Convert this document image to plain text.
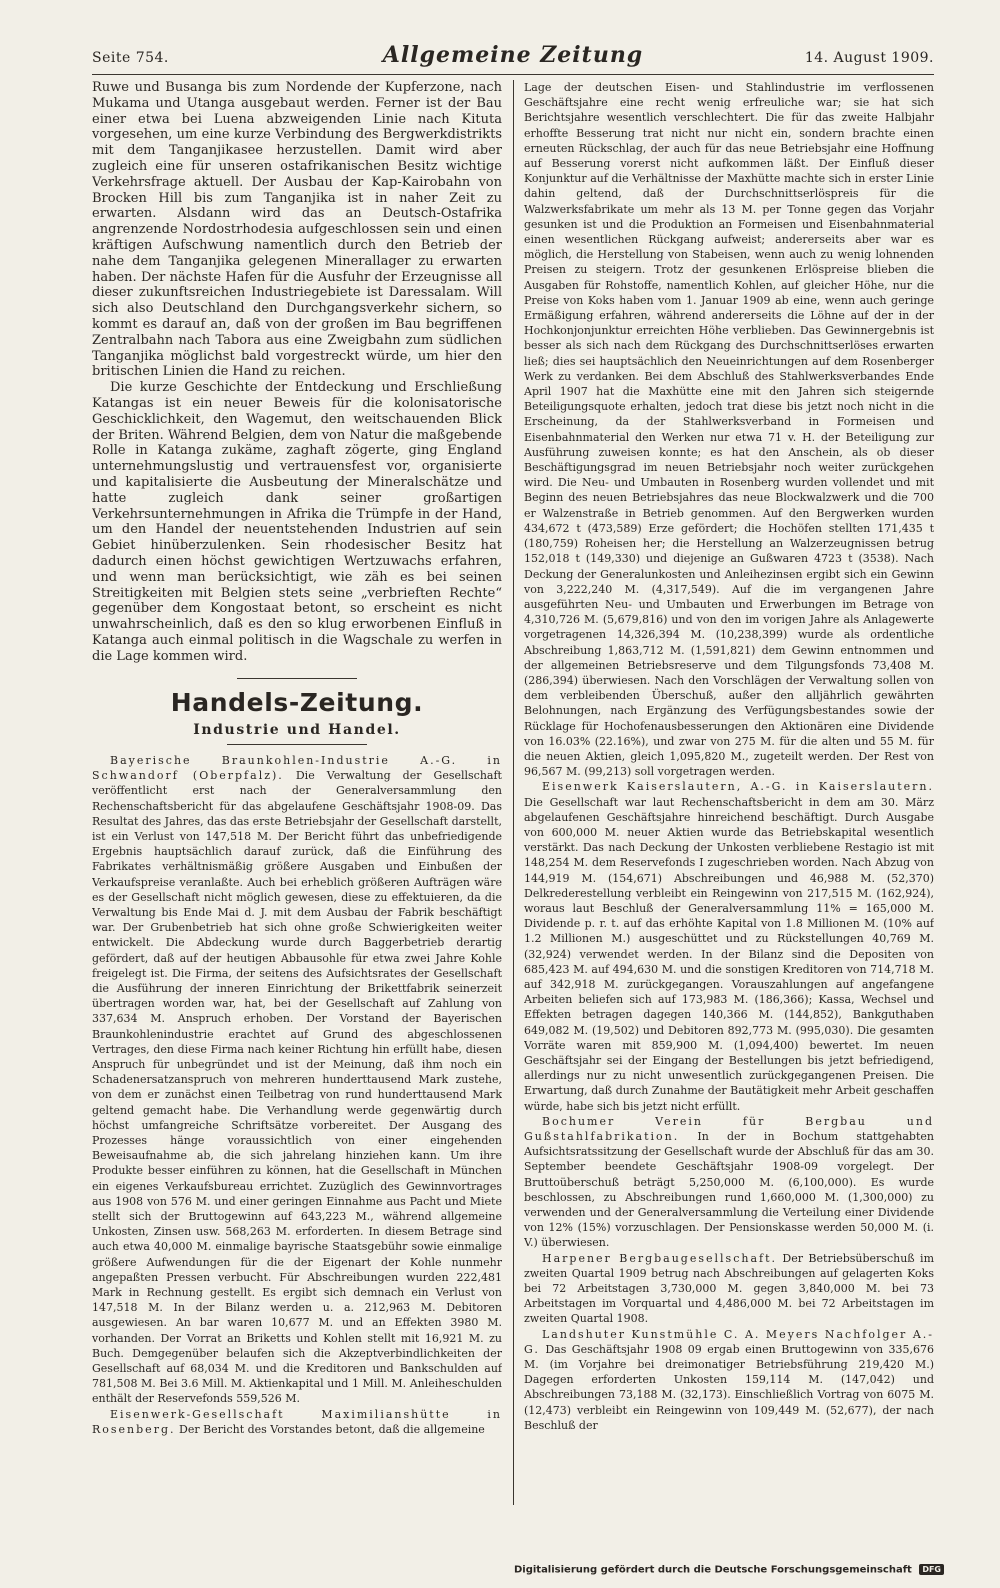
Seite 754.	Allgemeine Zeitung	14. August 1909.

Ruwe und Busanga bis zum Nordende der Kupferzone, nach Mukama und Utanga ausgebaut werden. Ferner ist der Bau einer etwa bei Luena abzweigenden Linie nach Kituta vorgesehen, um eine kurze Verbindung des Bergwerkdistrikts mit dem Tanganjikasee herzustellen. Damit wird aber zugleich eine für unseren ostafrikanischen Besitz wichtige Verkehrsfrage aktuell. Der Ausbau der Kap-Kairobahn von Brocken Hill bis zum Tanganjika ist in naher Zeit zu erwarten. Alsdann wird das an Deutsch-Ostafrika angrenzende Nordostrhodesia aufgeschlossen sein und einen kräftigen Aufschwung namentlich durch den Betrieb der nahe dem Tanganjika gelegenen Minerallager zu erwarten haben. Der nächste Hafen für die Ausfuhr der Erzeugnisse all dieser zukunftsreichen Industriegebiete ist Daressalam. Will sich also Deutschland den Durchgangsverkehr sichern, so kommt es darauf an, daß von der großen im Bau begriffenen Zentralbahn nach Tabora aus eine Zweigbahn zum südlichen Tanganjika möglichst bald vorgestreckt würde, um hier den britischen Linien die Hand zu reichen.

Die kurze Geschichte der Entdeckung und Erschließung Katangas ist ein neuer Beweis für die kolonisatorische Geschicklichkeit, den Wagemut, den weitschauenden Blick der Briten. Während Belgien, dem von Natur die maßgebende Rolle in Katanga zukäme, zaghaft zögerte, ging England unternehmungslustig und vertrauensfest vor, organisierte und kapitalisierte die Ausbeutung der Mineralschätze und hatte zugleich dank seiner großartigen Verkehrsunternehmungen in Afrika die Trümpfe in der Hand, um den Handel der neuentstehenden Industrien auf sein Gebiet hinüberzulenken. Sein rhodesischer Besitz hat dadurch einen höchst gewichtigen Wertzuwachs erfahren, und wenn man berücksichtigt, wie zäh es bei seinen Streitigkeiten mit Belgien stets seine „verbrieften Rechte“ gegenüber dem Kongostaat betont, so erscheint es nicht unwahrscheinlich, daß es den so klug erworbenen Einfluß in Katanga auch einmal politisch in die Wagschale zu werfen in die Lage kommen wird.

Handels-Zeitung.
Industrie und Handel.

Bayerische Braunkohlen-Industrie A.-G. in Schwandorf (Oberpfalz). Die Verwaltung der Gesellschaft veröffentlicht erst nach der Generalversammlung den Rechenschaftsbericht für das abgelaufene Geschäftsjahr 1908-09. Das Resultat des Jahres, das das erste Betriebsjahr der Gesellschaft darstellt, ist ein Verlust von 147,518 M. Der Bericht führt das unbefriedigende Ergebnis hauptsächlich darauf zurück, daß die Einführung des Fabrikates verhältnismäßig größere Ausgaben und Einbußen der Verkaufspreise veranlaßte. Auch bei erheblich größeren Aufträgen wäre es der Gesellschaft nicht möglich gewesen, diese zu effektuieren, da die Verwaltung bis Ende Mai d. J. mit dem Ausbau der Fabrik beschäftigt war. Der Grubenbetrieb hat sich ohne große Schwierigkeiten weiter entwickelt. Die Abdeckung wurde durch Baggerbetrieb derartig gefördert, daß auf der heutigen Abbausohle für etwa zwei Jahre Kohle freigelegt ist. Die Firma, der seitens des Aufsichtsrates der Gesellschaft die Ausführung der inneren Einrichtung der Brikettfabrik seinerzeit übertragen worden war, hat, bei der Gesellschaft auf Zahlung von 337,634 M. Anspruch erhoben. Der Vorstand der Bayerischen Braunkohlenindustrie erachtet auf Grund des abgeschlossenen Vertrages, den diese Firma nach keiner Richtung hin erfüllt habe, diesen Anspruch für unbegründet und ist der Meinung, daß ihm noch ein Schadenersatzanspruch von mehreren hunderttausend Mark zustehe, von dem er zunächst einen Teilbetrag von rund hunderttausend Mark geltend gemacht habe. Die Verhandlung werde gegenwärtig durch höchst umfangreiche Schriftsätze vorbereitet. Der Ausgang des Prozesses hänge voraussichtlich von einer eingehenden Beweisaufnahme ab, die sich jahrelang hinziehen kann. Um ihre Produkte besser einführen zu können, hat die Gesellschaft in München ein eigenes Verkaufsbureau errichtet. Zuzüglich des Gewinnvortrages aus 1908 von 576 M. und einer geringen Einnahme aus Pacht und Miete stellt sich der Bruttogewinn auf 643,223 M., während allgemeine Unkosten, Zinsen usw. 568,263 M. erforderten. In diesem Betrage sind auch etwa 40,000 M. einmalige bayrische Staatsgebühr sowie einmalige größere Aufwendungen für die der Eigenart der Kohle nunmehr angepaßten Pressen verbucht. Für Abschreibungen wurden 222,481 Mark in Rechnung gestellt. Es ergibt sich demnach ein Verlust von 147,518 M. In der Bilanz werden u. a. 212,963 M. Debitoren ausgewiesen. An bar waren 10,677 M. und an Effekten 3980 M. vorhanden. Der Vorrat an Briketts und Kohlen stellt mit 16,921 M. zu Buch. Demgegenüber belaufen sich die Akzeptverbindlichkeiten der Gesellschaft auf 68,034 M. und die Kreditoren und Bankschulden auf 781,508 M. Bei 3.6 Mill. M. Aktienkapital und 1 Mill. M. Anleiheschulden enthält der Reservefonds 559,526 M.

Eisenwerk-Gesellschaft Maximilianshütte in Rosenberg. Der Bericht des Vorstandes betont, daß die allgemeine

Lage der deutschen Eisen- und Stahlindustrie im verflossenen Geschäftsjahre eine recht wenig erfreuliche war; sie hat sich Berichtsjahre wesentlich verschlechtert. Die für das zweite Halbjahr erhoffte Besserung trat nicht nur nicht ein, sondern brachte einen erneuten Rückschlag, der auch für das neue Betriebsjahr eine Hoffnung auf Besserung vorerst nicht aufkommen läßt. Der Einfluß dieser Konjunktur auf die Verhältnisse der Maxhütte machte sich in erster Linie dahin geltend, daß der Durchschnittserlöspreis für die Walzwerksfabrikate um mehr als 13 M. per Tonne gegen das Vorjahr gesunken ist und die Produktion an Formeisen und Eisenbahnmaterial einen wesentlichen Rückgang aufweist; andererseits aber war es möglich, die Herstellung von Stabeisen, wenn auch zu wenig lohnenden Preisen zu steigern. Trotz der gesunkenen Erlöspreise blieben die Ausgaben für Rohstoffe, namentlich Kohlen, auf gleicher Höhe, nur die Preise von Koks haben vom 1. Januar 1909 ab eine, wenn auch geringe Ermäßigung erfahren, während andererseits die Löhne auf der in der Hochkonjonjunktur erreichten Höhe verblieben. Das Gewinnergebnis ist besser als sich nach dem Rückgang des Durchschnittserlöses erwarten ließ; dies sei hauptsächlich den Neueinrichtungen auf dem Rosenberger Werk zu verdanken. Bei dem Abschluß des Stahlwerksverbandes Ende April 1907 hat die Maxhütte eine mit den Jahren sich steigernde Beteiligungsquote erhalten, jedoch trat diese bis jetzt noch nicht in die Erscheinung, da der Stahlwerksverband in Formeisen und Eisenbahnmaterial den Werken nur etwa 71 v. H. der Beteiligung zur Ausführung zuweisen konnte; es hat den Anschein, als ob dieser Beschäftigungsgrad im neuen Betriebsjahr noch weiter zurückgehen wird. Die Neu- und Umbauten in Rosenberg wurden vollendet und mit Beginn des neuen Betriebsjahres das neue Blockwalzwerk und die 700 er Walzenstraße in Betrieb genommen. Auf den Bergwerken wurden 434,672 t (473,589) Erze gefördert; die Hochöfen stellten 171,435 t (180,759) Roheisen her; die Herstellung an Walzerzeugnissen betrug 152,018 t (149,330) und diejenige an Gußwaren 4723 t (3538). Nach Deckung der Generalunkosten und Anleihezinsen ergibt sich ein Gewinn von 3,222,240 M. (4,317,549). Auf die im vergangenen Jahre ausgeführten Neu- und Umbauten und Erwerbungen im Betrage von 4,310,726 M. (5,679,816) und von den im vorigen Jahre als Anlagewerte vorgetragenen 14,326,394 M. (10,238,399) wurde als ordentliche Abschreibung 1,863,712 M. (1,591,821) dem Gewinn entnommen und der allgemeinen Betriebsreserve und dem Tilgungsfonds 73,408 M. (286,394) überwiesen. Nach den Vorschlägen der Verwaltung sollen von dem verbleibenden Überschuß, außer den alljährlich gewährten Belohnungen, nach Ergänzung des Verfügungsbestandes sowie der Rücklage für Hochofenausbesserungen den Aktionären eine Dividende von 16.03% (22.16%), und zwar von 275 M. für die alten und 55 M. für die neuen Aktien, gleich 1,095,820 M., zugeteilt werden. Der Rest von 96,567 M. (99,213) soll vorgetragen werden.

Eisenwerk Kaiserslautern, A.-G. in Kaiserslautern. Die Gesellschaft war laut Rechenschaftsbericht in dem am 30. März abgelaufenen Geschäftsjahre hinreichend beschäftigt. Durch Ausgabe von 600,000 M. neuer Aktien wurde das Betriebskapital wesentlich verstärkt. Das nach Deckung der Unkosten verbliebene Restagio ist mit 148,254 M. dem Reservefonds I zugeschrieben worden. Nach Abzug von 144,919 M. (154,671) Abschreibungen und 46,988 M. (52,370) Delkrederestellung verbleibt ein Reingewinn von 217,515 M. (162,924), woraus laut Beschluß der Generalversammlung 11% = 165,000 M. Dividende p. r. t. auf das erhöhte Kapital von 1.8 Millionen M. (10% auf 1.2 Millionen M.) ausgeschüttet und zu Rückstellungen 40,769 M. (32,924) verwendet werden. In der Bilanz sind die Depositen von 685,423 M. auf 494,630 M. und die sonstigen Kreditoren von 714,718 M. auf 342,918 M. zurückgegangen. Vorauszahlungen auf angefangene Arbeiten beliefen sich auf 173,983 M. (186,366); Kassa, Wechsel und Effekten betragen dagegen 140,366 M. (144,852), Bankguthaben 649,082 M. (19,502) und Debitoren 892,773 M. (995,030). Die gesamten Vorräte waren mit 859,900 M. (1,094,400) bewertet. Im neuen Geschäftsjahr sei der Eingang der Bestellungen bis jetzt befriedigend, allerdings nur zu nicht unwesentlich zurückgegangenen Preisen. Die Erwartung, daß durch Zunahme der Bautätigkeit mehr Arbeit geschaffen würde, habe sich bis jetzt nicht erfüllt.

Bochumer Verein für Bergbau und Gußstahlfabrikation. In der in Bochum stattgehabten Aufsichtsratssitzung der Gesellschaft wurde der Abschluß für das am 30. September beendete Geschäftsjahr 1908-09 vorgelegt. Der Bruttoüberschuß beträgt 5,250,000 M. (6,100,000). Es wurde beschlossen, zu Abschreibungen rund 1,660,000 M. (1,300,000) zu verwenden und der Generalversammlung die Verteilung einer Dividende von 12% (15%) vorzuschlagen. Der Pensionskasse werden 50,000 M. (i. V.) überwiesen.

Harpener Bergbaugesellschaft. Der Betriebsüberschuß im zweiten Quartal 1909 betrug nach Abschreibungen auf gelagerten Koks bei 72 Arbeitstagen 3,730,000 M. gegen 3,840,000 M. bei 73 Arbeitstagen im Vorquartal und 4,486,000 M. bei 72 Arbeitstagen im zweiten Quartal 1908.

Landshuter Kunstmühle C. A. Meyers Nachfolger A.-G. Das Geschäftsjahr 1908 09 ergab einen Bruttogewinn von 335,676 M. (im Vorjahre bei dreimonatiger Betriebsführung 219,420 M.) Dagegen erforderten Unkosten 159,114 M. (147,042) und Abschreibungen 73,188 M. (32,173). Einschließlich Vortrag von 6075 M. (12,473) verbleibt ein Reingewinn von 109,449 M. (52,677), der nach Beschluß der

Digitalisierung gefördert durch die Deutsche Forschungsgemeinschaft DFG
